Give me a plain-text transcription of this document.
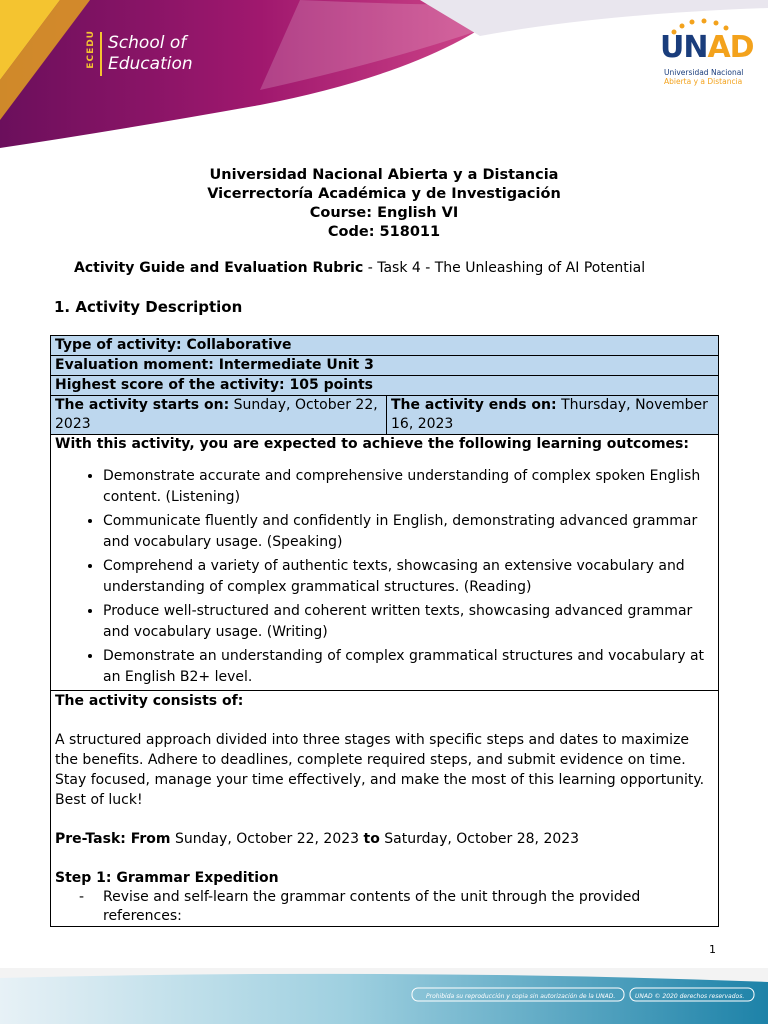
ECEDU School of
Education	UNAD
Universidad Nacional
Abierta y a Distancia
Universidad Nacional Abierta y a Distancia
Vicerrectoría Académica y de Investigación
Course: English VI
Code: 518011
Activity Guide and Evaluation Rubric - Task 4 - The Unleashing of AI Potential
1. Activity Description
Type of activity: Collaborative
Evaluation moment: Intermediate Unit 3
Highest score of the activity: 105 points
The activity starts on: Sunday, October 22, 2023	The activity ends on: Thursday, November 16, 2023

With this activity, you are expected to achieve the following learning outcomes:
• Demonstrate accurate and comprehensive understanding of complex spoken English content. (Listening)
• Communicate fluently and confidently in English, demonstrating advanced grammar and vocabulary usage. (Speaking)
• Comprehend a variety of authentic texts, showcasing an extensive vocabulary and understanding of complex grammatical structures. (Reading)
• Produce well-structured and coherent written texts, showcasing advanced grammar and vocabulary usage. (Writing)
• Demonstrate an understanding of complex grammatical structures and vocabulary at an English B2+ level.

The activity consists of:

A structured approach divided into three stages with specific steps and dates to maximize the benefits. Adhere to deadlines, complete required steps, and submit evidence on time. Stay focused, manage your time effectively, and make the most of this learning opportunity. Best of luck!

Pre-Task: From Sunday, October 22, 2023 to Saturday, October 28, 2023

Step 1: Grammar Expedition

- Revise and self-learn the grammar contents of the unit through the provided references:
1
Prohibida su reproducción y copia sin autorización de la UNAD.	UNAD © 2020 derechos reservados.
